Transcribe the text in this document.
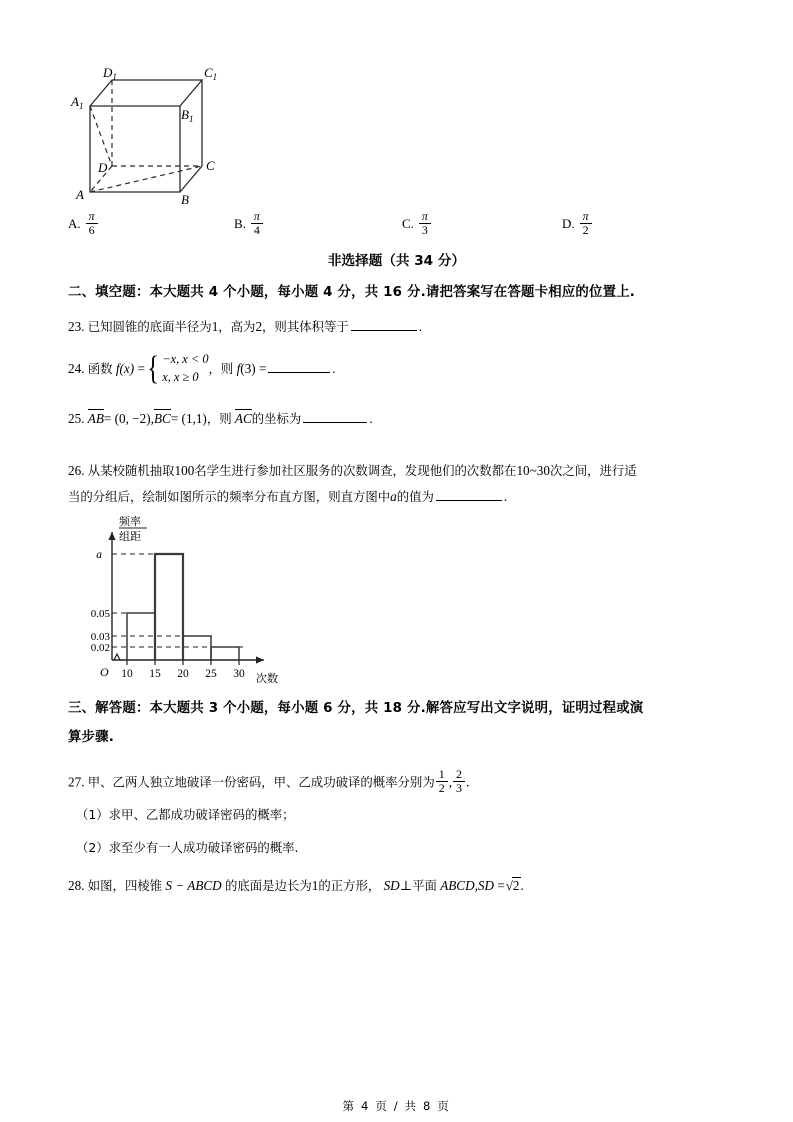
A	B
C
D
$A_1$
$B_1$
$C_1$
$D_1$
A. $\frac{\pi}{6}$	B. $\frac{\pi}{4}$	C. $\frac{\pi}{3}$	D. $\frac{\pi}{2}$
非选择题（共 34 分）
二、填空题：本大题共 4 个小题，每小题 4 分，共 16 分.请把答案写在答题卡相应的位置上.
23. 已知圆锥的底面半径为1，高为2，则其体积等于	.
24. 函数 f(x) = { −x, x < 0
x, x ≥ 0
，则 f(3) =	.
25. AB= (0, −2),BC= (1,1)，则 AC的坐标为	.
26. 从某校随机抽取100名学生进行参加社区服务的次数调查，发现他们的次数都在10~30次之间，进行适
当的分组后，绘制如图所示的频率分布直方图，则直方图中a的值为	.
频率
组距
a
0.05
0.03
0.02
O 10 15 20 25 30 次数
三、解答题：本大题共 3 个小题，每小题 6 分，共 18 分.解答应写出文字说明，证明过程或演
算步骤.
27. 甲、乙两人独立地破译一份密码，甲、乙成功破译的概率分别为 $\frac{1}{2}$ , $\frac{2}{3}$ .
（1）求甲、乙都成功破译密码的概率；
（2）求至少有一人成功破译密码的概率.
28. 如图，四棱锥 S − ABCD 的底面是边长为1的正方形， SD⊥平面 ABCD,SD =√2.
第 4 页 / 共 8 页
